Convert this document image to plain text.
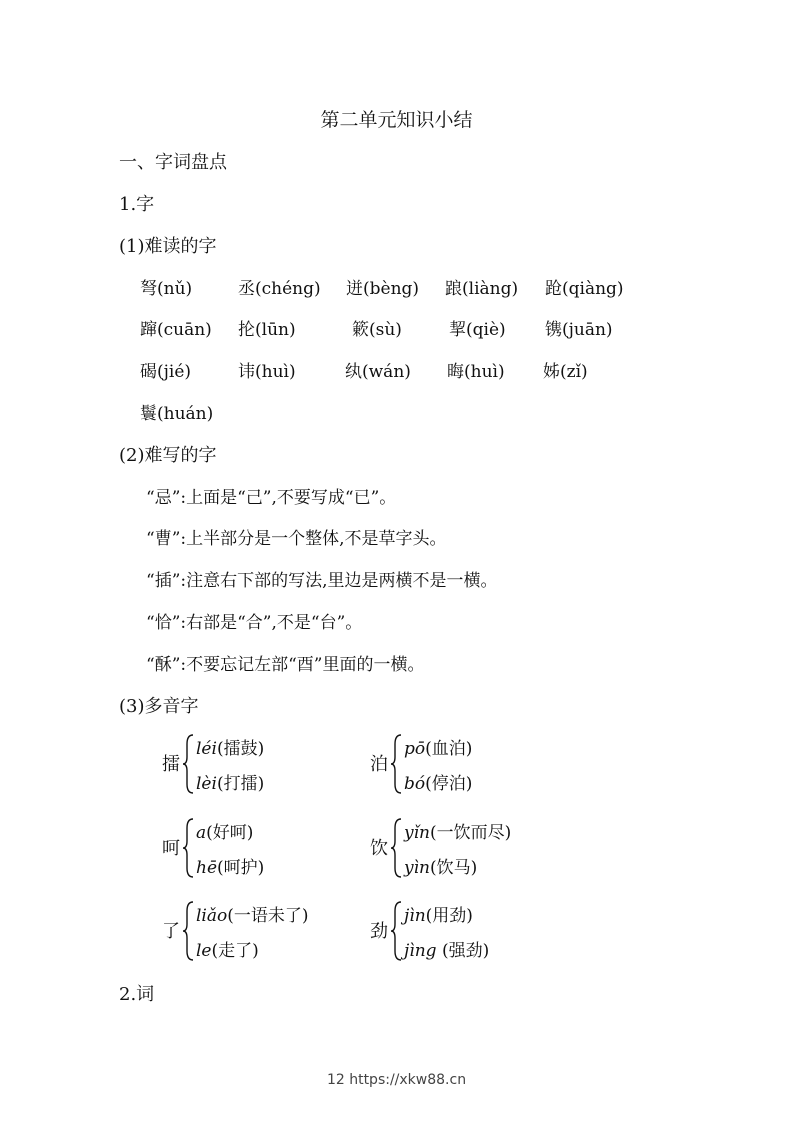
第二单元知识小结
一、字词盘点
1.字
(1)难读的字
弩(nǔ)	丞(chéng) 迸(bèng) 踉(liàng) 跄(qiàng)
蹿(cuān) 抡(lūn)	簌(sù)	挈(qiè) 镌(juān)
碣(jié)	讳(huì)	纨(wán) 晦(huì) 姊(zǐ)
鬟(huán)
(2)难写的字
“忌”:上面是“己”,不要写成“已”。
“曹”:上半部分是一个整体,不是草字头。
“插”:注意右下部的写法,里边是两横不是一横。
“恰”:右部是“合”,不是“台”。
“酥”:不要忘记左部“酉”里面的一横。
(3)多音字
擂
léi(擂鼓)
lèi(打擂)
泊
pō(血泊)
bó(停泊)
呵
a(好呵)
hē(呵护)
饮
yǐn(一饮而尽)
yìn(饮马)
了
liǎo(一语未了)
le(走了)
劲
jìn(用劲)
jìng (强劲)
2.词
12 https://xkw88.cn
